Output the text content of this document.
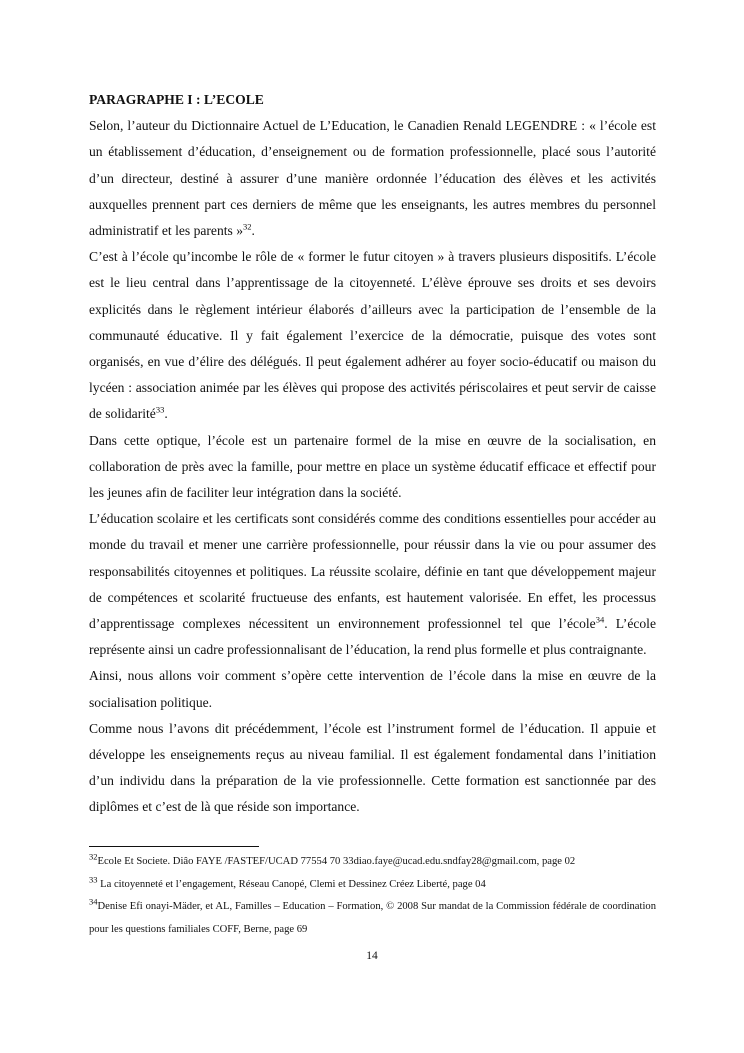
PARAGRAPHE I : L’ECOLE

Selon, l’auteur du Dictionnaire Actuel de L’Education, le Canadien Renald LEGENDRE : « l’école est un établissement d’éducation, d’enseignement ou de formation professionnelle, placé sous l’autorité d’un directeur, destiné à assurer d’une manière ordonnée l’éducation des élèves et les activités auxquelles prennent part ces derniers de même que les enseignants, les autres membres du personnel administratif et les parents »$^{32}$.

C’est à l’école qu’incombe le rôle de « former le futur citoyen » à travers plusieurs dispositifs. L’école est le lieu central dans l’apprentissage de la citoyenneté. L’élève éprouve ses droits et ses devoirs explicités dans le règlement intérieur élaborés d’ailleurs avec la participation de l’ensemble de la communauté éducative. Il y fait également l’exercice de la démocratie, puisque des votes sont organisés, en vue d’élire des délégués. Il peut également adhérer au foyer socio-éducatif ou maison du lycéen : association animée par les élèves qui propose des activités périscolaires et peut servir de caisse de solidarité$^{33}$.

Dans cette optique, l’école est un partenaire formel de la mise en œuvre de la socialisation, en collaboration de près avec la famille, pour mettre en place un système éducatif efficace et effectif pour les jeunes afin de faciliter leur intégration dans la société.

L’éducation scolaire et les certificats sont considérés comme des conditions essentielles pour accéder au monde du travail et mener une carrière professionnelle, pour réussir dans la vie ou pour assumer des responsabilités citoyennes et politiques. La réussite scolaire, définie en tant que développement majeur de compétences et scolarité fructueuse des enfants, est hautement valorisée. En effet, les processus d’apprentissage complexes nécessitent un environnement professionnel tel que l’école$^{34}$. L’école représente ainsi un cadre professionnalisant de l’éducation, la rend plus formelle et plus contraignante.

Ainsi, nous allons voir comment s’opère cette intervention de l’école dans la mise en œuvre de la socialisation politique.

Comme nous l’avons dit précédemment, l’école est l’instrument formel de l’éducation. Il appuie et développe les enseignements reçus au niveau familial. Il est également fondamental dans l’initiation d’un individu dans la préparation de la vie professionnelle. Cette formation est sanctionnée par des diplômes et c’est de là que réside son importance.

$^{32}$Ecole Et Societe. Diâo FAYE /FASTEF/UCAD 77554 70 33diao.faye@ucad.edu.sndfay28@gmail.com, page 02

$^{33}$ La citoyenneté et l’engagement, Réseau Canopé, Clemi et Dessinez Créez Liberté, page 04

$^{34}$Denise Efi onayi-Mäder, et AL, Familles – Education – Formation, © 2008 Sur mandat de la Commission fédérale de coordination pour les questions familiales COFF, Berne, page 69

14
